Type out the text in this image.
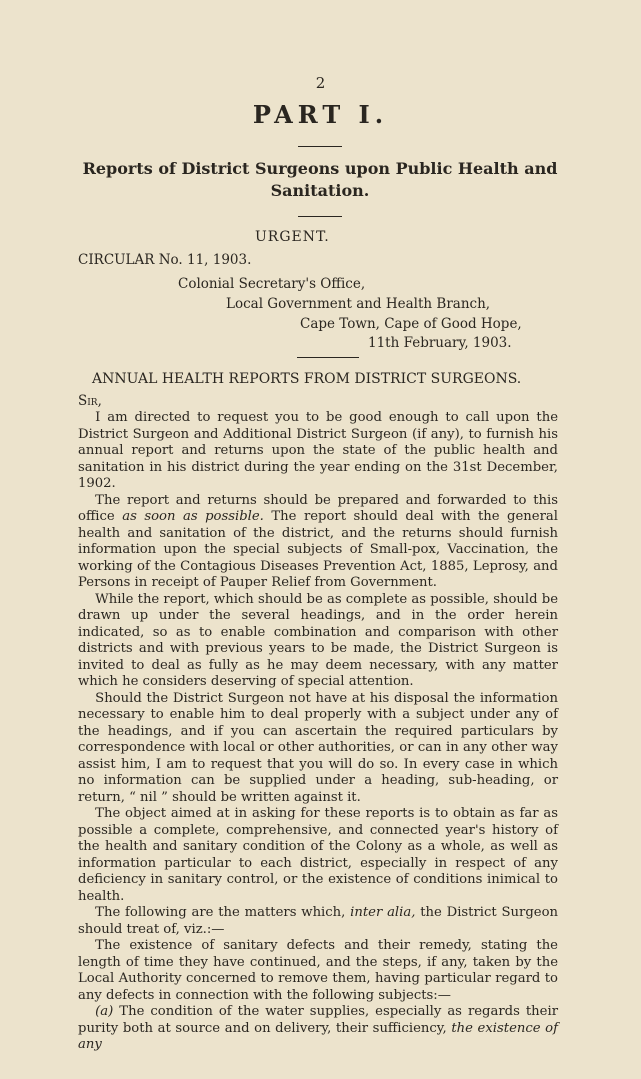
2
PART I.
Reports of District Surgeons upon Public Health and Sanitation.
URGENT.
CIRCULAR No. 11, 1903.
Colonial Secretary's Office,
Local Government and Health Branch,
Cape Town, Cape of Good Hope,
11th February, 1903.
ANNUAL HEALTH REPORTS FROM DISTRICT SURGEONS.
Sir,

I am directed to request you to be good enough to call upon the District Surgeon and Additional District Surgeon (if any), to furnish his annual report and returns upon the state of the public health and sanitation in his district during the year ending on the 31st December, 1902.

The report and returns should be prepared and forwarded to this office as soon as possible. The report should deal with the general health and sanitation of the district, and the returns should furnish information upon the special subjects of Small-pox, Vaccination, the working of the Contagious Diseases Prevention Act, 1885, Leprosy, and Persons in receipt of Pauper Relief from Government.

While the report, which should be as complete as possible, should be drawn up under the several headings, and in the order herein indicated, so as to enable combination and comparison with other districts and with previous years to be made, the District Surgeon is invited to deal as fully as he may deem necessary, with any matter which he considers deserving of special attention.

Should the District Surgeon not have at his disposal the information necessary to enable him to deal properly with a subject under any of the headings, and if you can ascertain the required particulars by correspondence with local or other authorities, or can in any other way assist him, I am to request that you will do so. In every case in which no information can be supplied under a heading, sub-heading, or return, “ nil ” should be written against it.

The object aimed at in asking for these reports is to obtain as far as possible a complete, comprehensive, and connected year's history of the health and sanitary condition of the Colony as a whole, as well as information particular to each district, especially in respect of any deficiency in sanitary control, or the existence of conditions inimical to health.

The following are the matters which, inter alia, the District Surgeon should treat of, viz.:—

The existence of sanitary defects and their remedy, stating the length of time they have continued, and the steps, if any, taken by the Local Authority concerned to remove them, having particular regard to any defects in connection with the following subjects:—

(a) The condition of the water supplies, especially as regards their purity both at source and on delivery, their sufficiency, the existence of any
